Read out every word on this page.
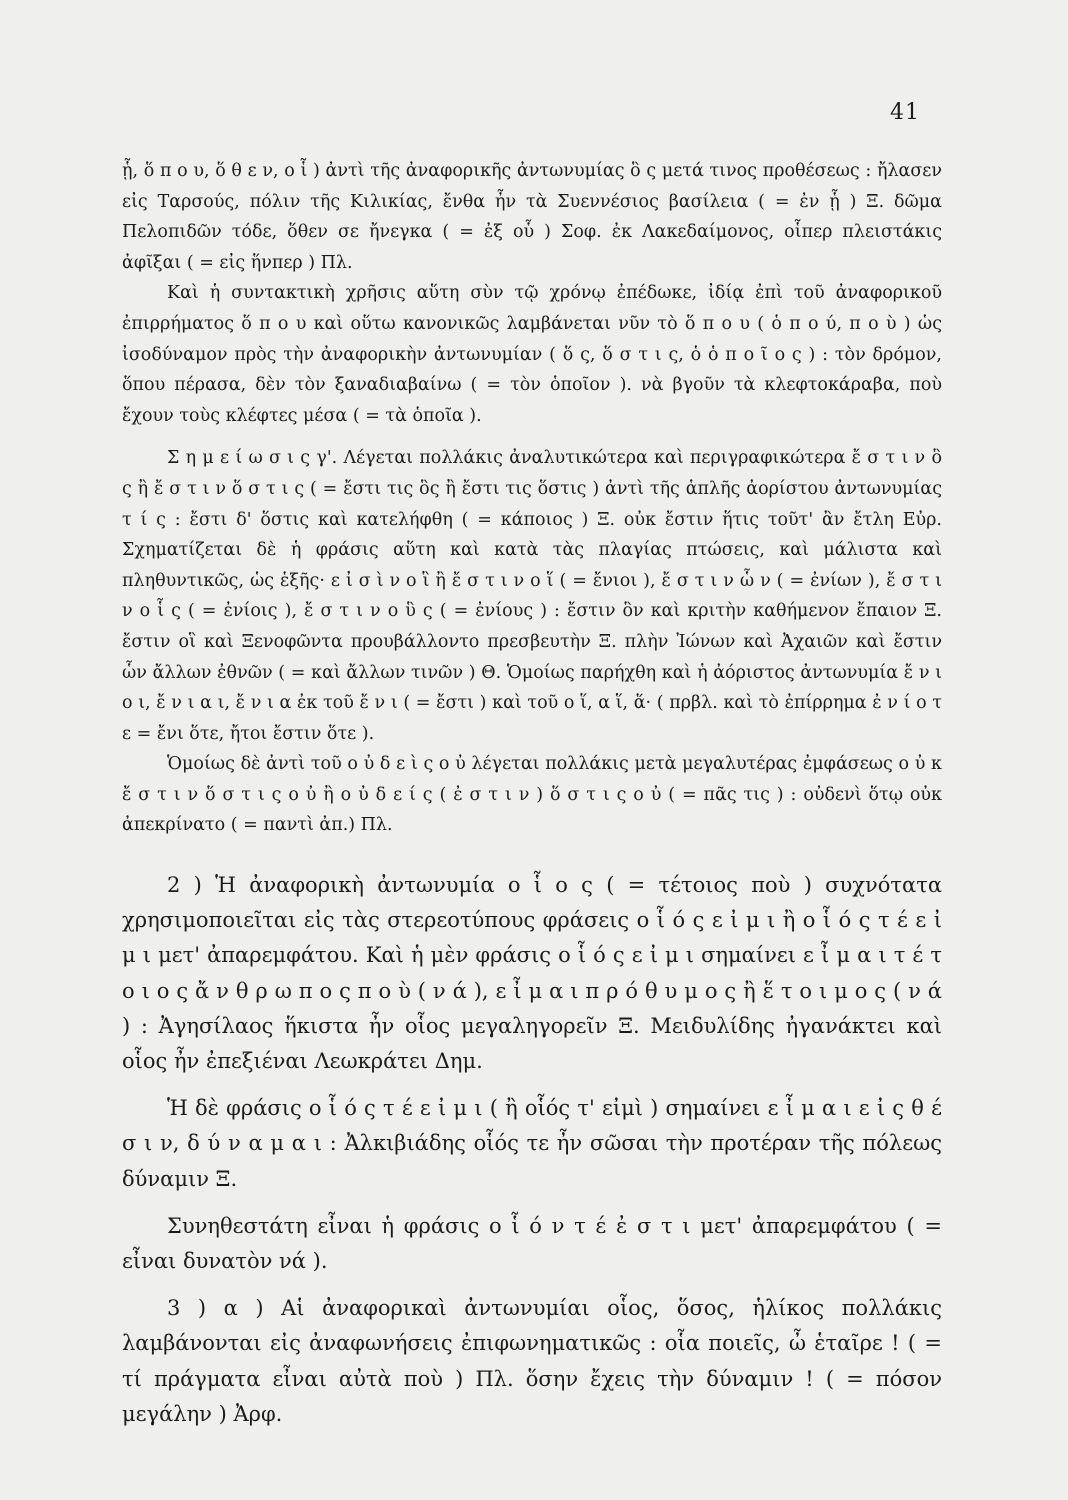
41

ᾗ, ὅ π ο υ, ὅ θ ε ν, ο ἷ ) ἀντὶ τῆς ἀναφορικῆς ἀντωνυμίας ὃ ς μετά τινος προθέσεως : ἤλασεν εἰς Ταρσούς, πόλιν τῆς Κιλικίας, ἔνθα ἦν τὰ Συεννέσιος βασίλεια ( = ἐν ᾗ ) Ξ. δῶμα Πελοπιδῶν τόδε, ὅθεν σε ἤνεγκα ( = ἐξ οὗ ) Σοφ. ἐκ Λακεδαίμονος, οἷπερ πλειστάκις ἀφῖξαι ( = εἰς ἥνπερ ) Πλ.

Καὶ ἡ συντακτικὴ χρῆσις αὕτη σὺν τῷ χρόνῳ ἐπέδωκε, ἰδίᾳ ἐπὶ τοῦ ἀναφορικοῦ ἐπιρρήματος ὅ π ο υ καὶ οὕτω κανονικῶς λαμβάνεται νῦν τὸ ὅ π ο υ ( ὁ π ο ύ, π ο ὺ ) ὡς ἰσοδύναμον πρὸς τὴν ἀναφορικὴν ἀντωνυμίαν ( ὅ ς, ὅ σ τ ι ς, ὁ ὁ π ο ῖ ο ς ) : τὸν δρόμον, ὅπου πέρασα, δὲν τὸν ξαναδιαβαίνω ( = τὸν ὁποῖον ). νὰ βγοῦν τὰ κλεφτοκάραβα, ποὺ ἔχουν τοὺς κλέφτες μέσα ( = τὰ ὁποῖα ).

Σ η μ ε ί ω σ ι ς γ'. Λέγεται πολλάκις ἀναλυτικώτερα καὶ περιγραφικώτερα ἔ σ τ ι ν ὃ ς ἢ ἔ σ τ ι ν ὅ σ τ ι ς ( = ἔστι τις ὃς ἢ ἔστι τις ὅστις ) ἀντὶ τῆς ἁπλῆς ἀορίστου ἀντωνυμίας τ ί ς : ἔστι δ' ὅστις καὶ κατελήφθη ( = κάποιος ) Ξ. οὐκ ἔστιν ἥτις τοῦτ' ἂν ἔτλη Εὐρ. Σχηματίζεται δὲ ἡ φράσις αὕτη καὶ κατὰ τὰς πλαγίας πτώσεις, καὶ μάλιστα καὶ πληθυντικῶς, ὡς ἑξῆς· ε ἰ σ ὶ ν ο ἳ ἢ ἔ σ τ ι ν ο ἵ ( = ἔνιοι ), ἔ σ τ ι ν ὧ ν ( = ἐνίων ), ἔ σ τ ι ν ο ἷ ς ( = ἐνίοις ), ἔ σ τ ι ν ο ὓ ς ( = ἐνίους ) : ἔστιν ὃν καὶ κριτὴν καθήμενον ἔπαιον Ξ. ἔστιν οἳ καὶ Ξενοφῶντα προυβάλλοντο πρεσβευτὴν Ξ. πλὴν Ἰώνων καὶ Ἀχαιῶν καὶ ἔστιν ὧν ἄλλων ἐθνῶν ( = καὶ ἄλλων τινῶν ) Θ. Ὁμοίως παρήχθη καὶ ἡ ἀόριστος ἀντωνυμία ἔ ν ι ο ι, ἔ ν ι α ι, ἔ ν ι α ἐκ τοῦ ἔ ν ι ( = ἔστι ) καὶ τοῦ ο ἵ, α ἵ, ἅ· ( πρβλ. καὶ τὸ ἐπίρρημα ἐ ν ί ο τ ε = ἔνι ὅτε, ἤτοι ἔστιν ὅτε ).

Ὁμοίως δὲ ἀντὶ τοῦ ο ὐ δ ε ὶ ς ο ὐ λέγεται πολλάκις μετὰ μεγαλυτέρας ἐμφάσεως ο ὐ κ ἔ σ τ ι ν ὅ σ τ ι ς ο ὐ ἢ ο ὐ δ ε ί ς ( ἐ σ τ ι ν ) ὅ σ τ ι ς ο ὐ ( = πᾶς τις ) : οὐδενὶ ὅτῳ οὐκ ἀπεκρίνατο ( = παντὶ ἀπ.) Πλ.

2 ) Ἡ ἀναφορικὴ ἀντωνυμία ο ἷ ο ς ( = τέτοιος ποὺ ) συχνότατα χρησιμοποιεῖται εἰς τὰς στερεοτύπους φράσεις ο ἷ ό ς ε ἰ μ ι ἢ ο ἷ ό ς τ έ ε ἰ μ ι μετ' ἀπαρεμφάτου. Καὶ ἡ μὲν φράσις ο ἷ ό ς ε ἰ μ ι σημαίνει ε ἶ μ α ι τ έ τ ο ι ο ς ἄ ν θ ρ ω π ο ς π ο ὺ ( ν ά ), ε ἶ μ α ι π ρ ό θ υ μ ο ς ἢ ἕ τ ο ι μ ο ς ( ν ά ) : Ἀγησίλαος ἥκιστα ἦν οἷος μεγαληγορεῖν Ξ. Μειδυλίδης ἠγανάκτει καὶ οἷος ἦν ἐπεξιέναι Λεωκράτει Δημ.

Ἡ δὲ φράσις ο ἷ ό ς τ έ ε ἰ μ ι ( ἢ οἷός τ' εἰμὶ ) σημαίνει ε ἶ μ α ι ε ἰ ς θ έ σ ι ν, δ ύ ν α μ α ι : Ἀλκιβιάδης οἷός τε ἦν σῶσαι τὴν προτέραν τῆς πόλεως δύναμιν Ξ.

Συνηθεστάτη εἶναι ἡ φράσις ο ἷ ό ν τ έ ἐ σ τ ι μετ' ἀπαρεμφάτου ( = εἶναι δυνατὸν νά ).

3 ) α ) Αἱ ἀναφορικαὶ ἀντωνυμίαι οἷος, ὅσος, ἡλίκος πολλάκις λαμβάνονται εἰς ἀναφωνήσεις ἐπιφωνηματικῶς : οἷα ποιεῖς, ὦ ἑταῖρε ! ( = τί πράγματα εἶναι αὐτὰ ποὺ ) Πλ. ὅσην ἔχεις τὴν δύναμιν ! ( = πόσον μεγάλην ) Ἀρφ.
